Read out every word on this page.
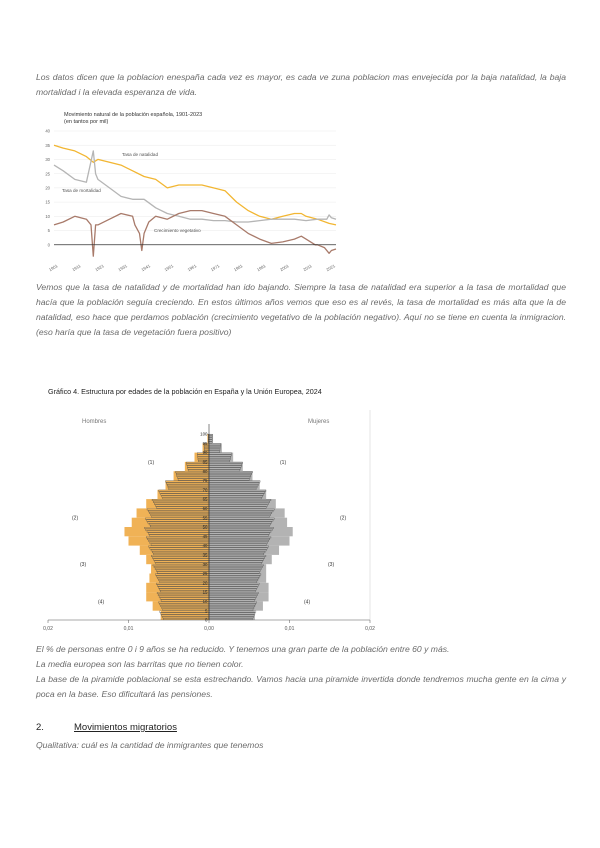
Los datos dicen que la poblacion enespaña cada vez es mayor, es cada ve zuna poblacion mas envejecida por la baja natalidad, la baja mortalidad i la elevada esperanza de vida.

Movimiento natural de la población española, 1901-2023
(en tantos por mil)
0
5
10
15
20
25
30
35
40
1901	1911	1921	1931	1941	1951	1961	1971	1981	1991	2001	2011	2021
Tasa de natalidad
Tasa de mortalidad
Crecimiento vegetativo

Vemos que la tasa de natalidad y de mortalidad han ido bajando. Siempre la tasa de natalidad era superior a la tasa de mortalidad que hacía que la población seguía creciendo. En estos últimos años vemos que eso es al revés, la tasa de mortalidad es más alta que la de natalidad, eso hace que perdamos población (crecimiento vegetativo de la población negativo). Aquí no se tiene en cuenta la inmigracion. (eso haría que la tasa de vegetación fuera positivo)

Gráfico 4. Estructura por edades de la población en España y la Unión Europea, 2024
Hombres	Mujeres
0,02	0,01	0,00	0,01	0,02
0
5
10
15
20
25
30
35
40
45
50
55
60
65
70
75
80
85
90
95
100
(1)	(1)
(2)	(2)
(3)	(3)
(4)	(4)
El % de personas entre 0 i 9 años se ha reducido. Y tenemos una gran parte de la población entre 60 y más.
La media europea son las barritas que no tienen color.
La base de la piramide poblacional se esta estrechando. Vamos hacia una piramide invertida donde tendremos mucha gente en la cima y poca en la base. Eso dificultará las pensiones.
2.	Movimientos migratorios
Qualitativa: cuál es la cantidad de inmigrantes que tenemos
